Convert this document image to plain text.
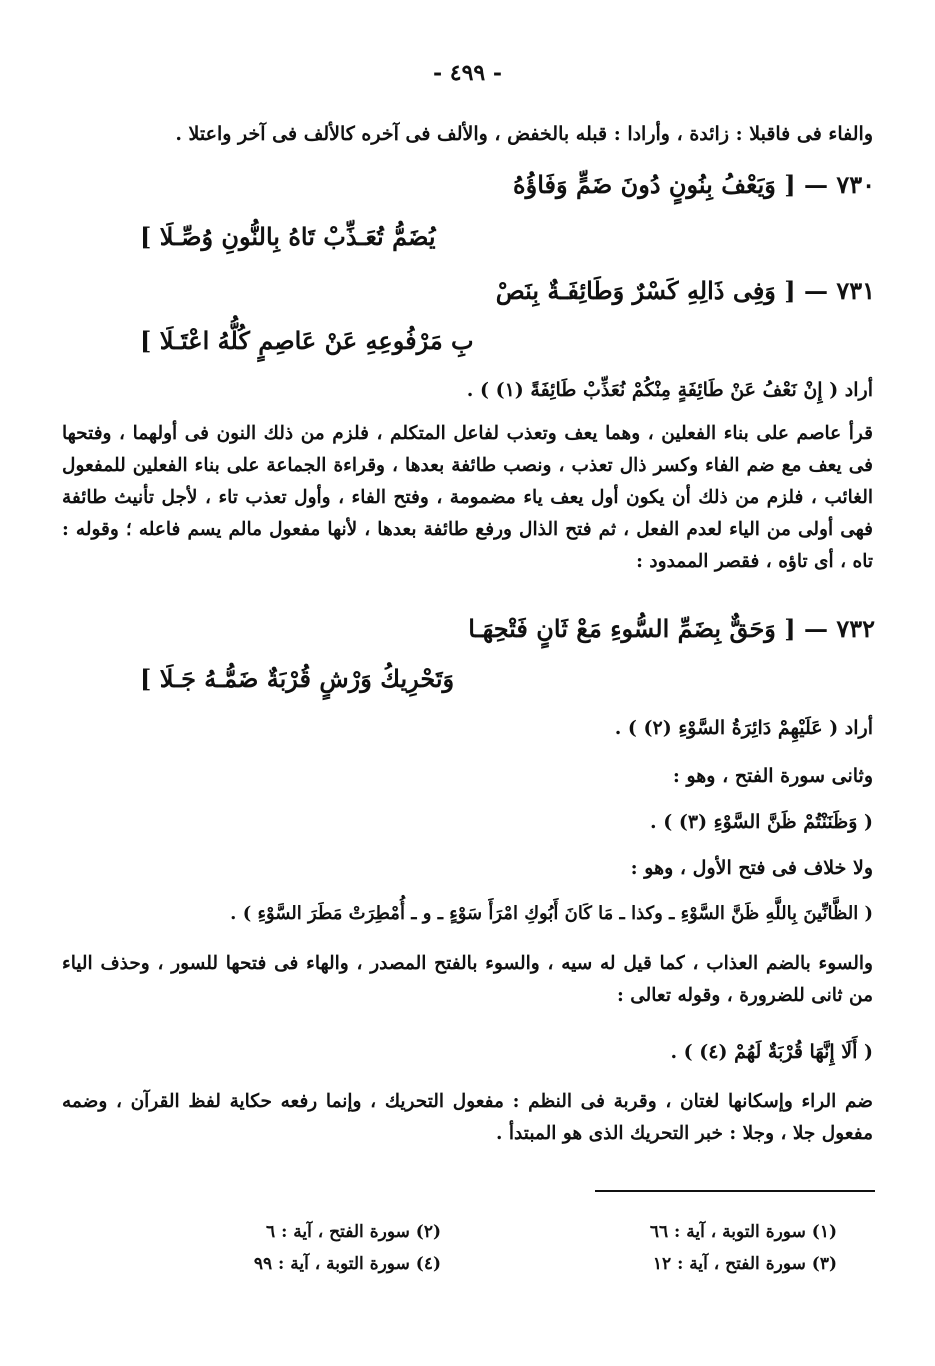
- ٤٩٩ -
والفاء فى فاقبلا : زائدة ، وأرادا : قبله بالخفض ، والألف فى آخره كالألف فى آخر واعتلا .
٧٣٠ — [ وَيَعْفُ بِنُونٍ دُونَ ضَمٍّ وَفَاؤُهُ
يُضَمُّ تُعَـذِّبْ تَاهُ بِالنُّونِ وُصِّـلَا ]
٧٣١ — [ وَفِى ذَالِهِ كَسْرٌ وَطَائِفَـةٌ بِنَصْ
بِ مَرْفُوعِهِ عَنْ عَاصِمٍ كُلُّهُ اعْتَـلَا ]
أراد ( إِنْ نَعْفُ عَنْ طَائِفَةٍ مِنْكُمْ نُعَذِّبْ طَائِفَةً (١) ) .
قرأ عاصم على بناء الفعلين ، وهما يعف وتعذب لفاعل المتكلم ، فلزم من ذلك النون فى أولهما ، وفتحها فى يعف مع ضم الفاء وكسر ذال تعذب ، ونصب طائفة بعدها ، وقراءة الجماعة على بناء الفعلين للمفعول الغائب ، فلزم من ذلك أن يكون أول يعف ياء مضمومة ، وفتح الفاء ، وأول تعذب تاء ، لأجل تأنيث طائفة فهى أولى من الياء لعدم الفعل ، ثم فتح الذال ورفع طائفة بعدها ، لأنها مفعول مالم يسم فاعله ؛ وقوله : تاه ، أى تاؤه ، فقصر الممدود :
٧٣٢ — [ وَحَقٌّ بِضَمِّ السُّوءِ مَعْ ثَانٍ فَتْحِهَـا
وَتَحْرِيكُ وَرْشٍ قُرْبَةٌ ضَمُّـهُ جَـلَا ]
أراد ( عَلَيْهِمْ دَائِرَةُ السَّوْءِ (٢) ) .
وثانى سورة الفتح ، وهو :
( وَظَنَنْتُمْ ظَنَّ السَّوْءِ (٣) ) .
ولا خلاف فى فتح الأول ، وهو :
( الظَّانِّينَ بِاللَّهِ ظَنَّ السَّوْءِ ـ وكذا ـ مَا كَانَ أَبُوكِ امْرَأَ سَوْءٍ ـ و ـ أُمْطِرَتْ مَطَرَ السَّوْءِ ) .
والسوء بالضم العذاب ، كما قيل له سيه ، والسوء بالفتح المصدر ، والهاء فى فتحها للسور ، وحذف الياء من ثانى للضرورة ، وقوله تعالى :
( أَلَا إِنَّهَا قُرْبَةٌ لَهُمْ (٤) ) .
ضم الراء وإسكانها لغتان ، وقربة فى النظم : مفعول التحريك ، وإنما رفعه حكاية لفظ القرآن ، وضمه مفعول جلا ، وجلا : خبر التحريك الذى هو المبتدأ .
(١) سورة التوبة ، آية : ٦٦
(٢) سورة الفتح ، آية : ٦
(٣) سورة الفتح ، آية : ١٢
(٤) سورة التوبة ، آية : ٩٩
